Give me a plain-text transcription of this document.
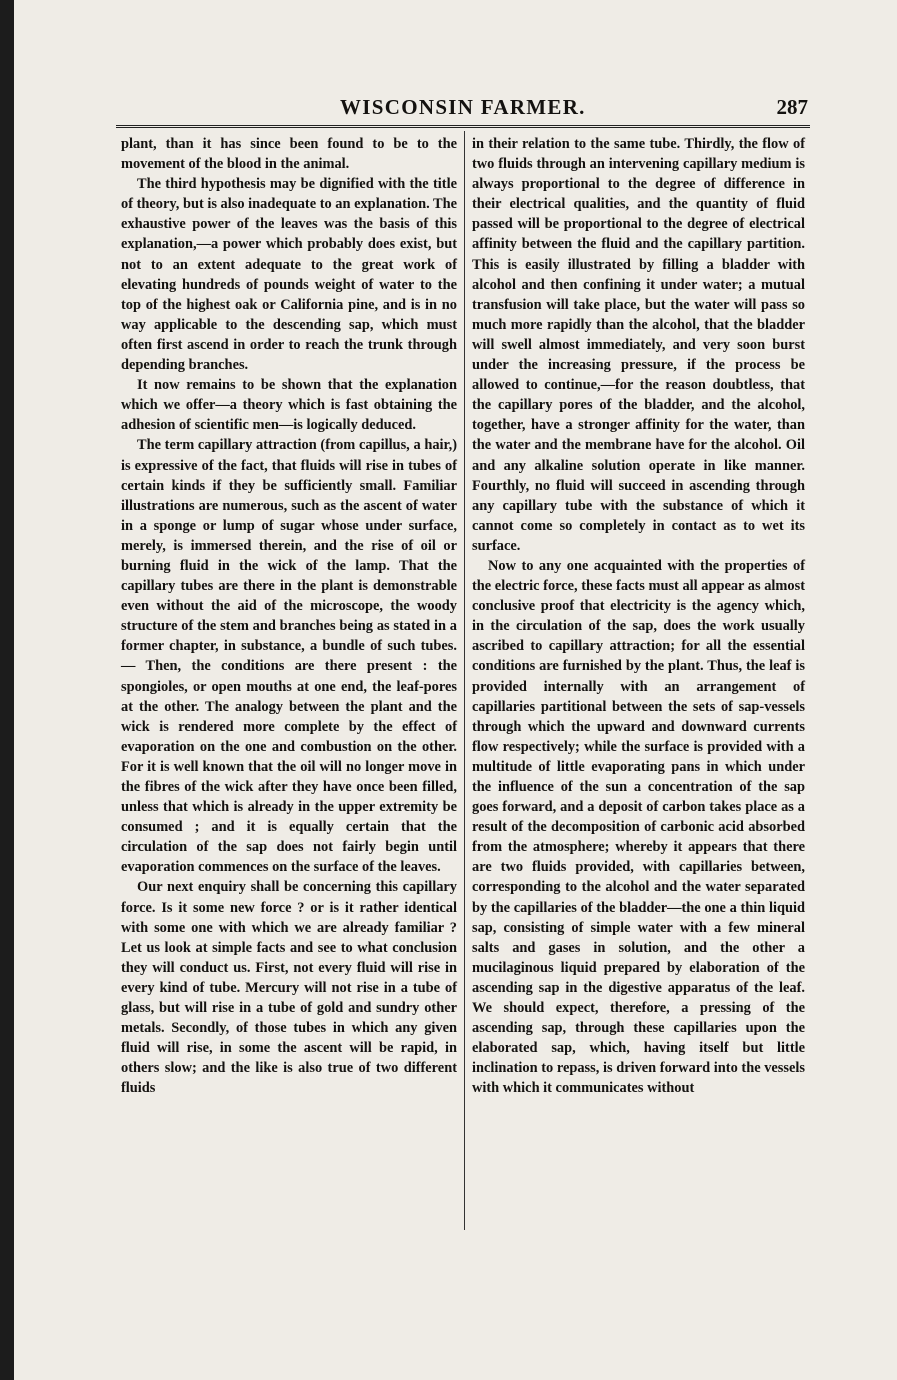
WISCONSIN FARMER.	287

plant, than it has since been found to be to the movement of the blood in the animal.

The third hypothesis may be dignified with the title of theory, but is also inadequate to an explanation. The exhaustive power of the leaves was the basis of this explanation,—a power which probably does exist, but not to an extent adequate to the great work of elevating hundreds of pounds weight of water to the top of the highest oak or California pine, and is in no way applicable to the descending sap, which must often first ascend in order to reach the trunk through depending branches.

It now remains to be shown that the explanation which we offer—a theory which is fast obtaining the adhesion of scientific men—is logically deduced.

The term capillary attraction (from capillus, a hair,) is expressive of the fact, that fluids will rise in tubes of certain kinds if they be sufficiently small. Familiar illustrations are numerous, such as the ascent of water in a sponge or lump of sugar whose under surface, merely, is immersed therein, and the rise of oil or burning fluid in the wick of the lamp. That the capillary tubes are there in the plant is demonstrable even without the aid of the microscope, the woody structure of the stem and branches being as stated in a former chapter, in substance, a bundle of such tubes.— Then, the conditions are there present : the spongioles, or open mouths at one end, the leaf-pores at the other. The analogy between the plant and the wick is rendered more complete by the effect of evaporation on the one and combustion on the other. For it is well known that the oil will no longer move in the fibres of the wick after they have once been filled, unless that which is already in the upper extremity be consumed ; and it is equally certain that the circulation of the sap does not fairly begin until evaporation commences on the surface of the leaves.

Our next enquiry shall be concerning this capillary force. Is it some new force ? or is it rather identical with some one with which we are already familiar ? Let us look at simple facts and see to what conclusion they will conduct us. First, not every fluid will rise in every kind of tube. Mercury will not rise in a tube of glass, but will rise in a tube of gold and sundry other metals. Secondly, of those tubes in which any given fluid will rise, in some the ascent will be rapid, in others slow; and the like is also true of two different fluids

in their relation to the same tube. Thirdly, the flow of two fluids through an intervening capillary medium is always proportional to the degree of difference in their electrical qualities, and the quantity of fluid passed will be proportional to the degree of electrical affinity between the fluid and the capillary partition. This is easily illustrated by filling a bladder with alcohol and then confining it under water; a mutual transfusion will take place, but the water will pass so much more rapidly than the alcohol, that the bladder will swell almost immediately, and very soon burst under the increasing pressure, if the process be allowed to continue,—for the reason doubtless, that the capillary pores of the bladder, and the alcohol, together, have a stronger affinity for the water, than the water and the membrane have for the alcohol. Oil and any alkaline solution operate in like manner. Fourthly, no fluid will succeed in ascending through any capillary tube with the substance of which it cannot come so completely in contact as to wet its surface.

Now to any one acquainted with the properties of the electric force, these facts must all appear as almost conclusive proof that electricity is the agency which, in the circulation of the sap, does the work usually ascribed to capillary attraction; for all the essential conditions are furnished by the plant. Thus, the leaf is provided internally with an arrangement of capillaries partitional between the sets of sap-vessels through which the upward and downward currents flow respectively; while the surface is provided with a multitude of little evaporating pans in which under the influence of the sun a concentration of the sap goes forward, and a deposit of carbon takes place as a result of the decomposition of carbonic acid absorbed from the atmosphere; whereby it appears that there are two fluids provided, with capillaries between, corresponding to the alcohol and the water separated by the capillaries of the bladder—the one a thin liquid sap, consisting of simple water with a few mineral salts and gases in solution, and the other a mucilaginous liquid prepared by elaboration of the ascending sap in the digestive apparatus of the leaf. We should expect, therefore, a pressing of the ascending sap, through these capillaries upon the elaborated sap, which, having itself but little inclination to repass, is driven forward into the vessels with which it communicates without
